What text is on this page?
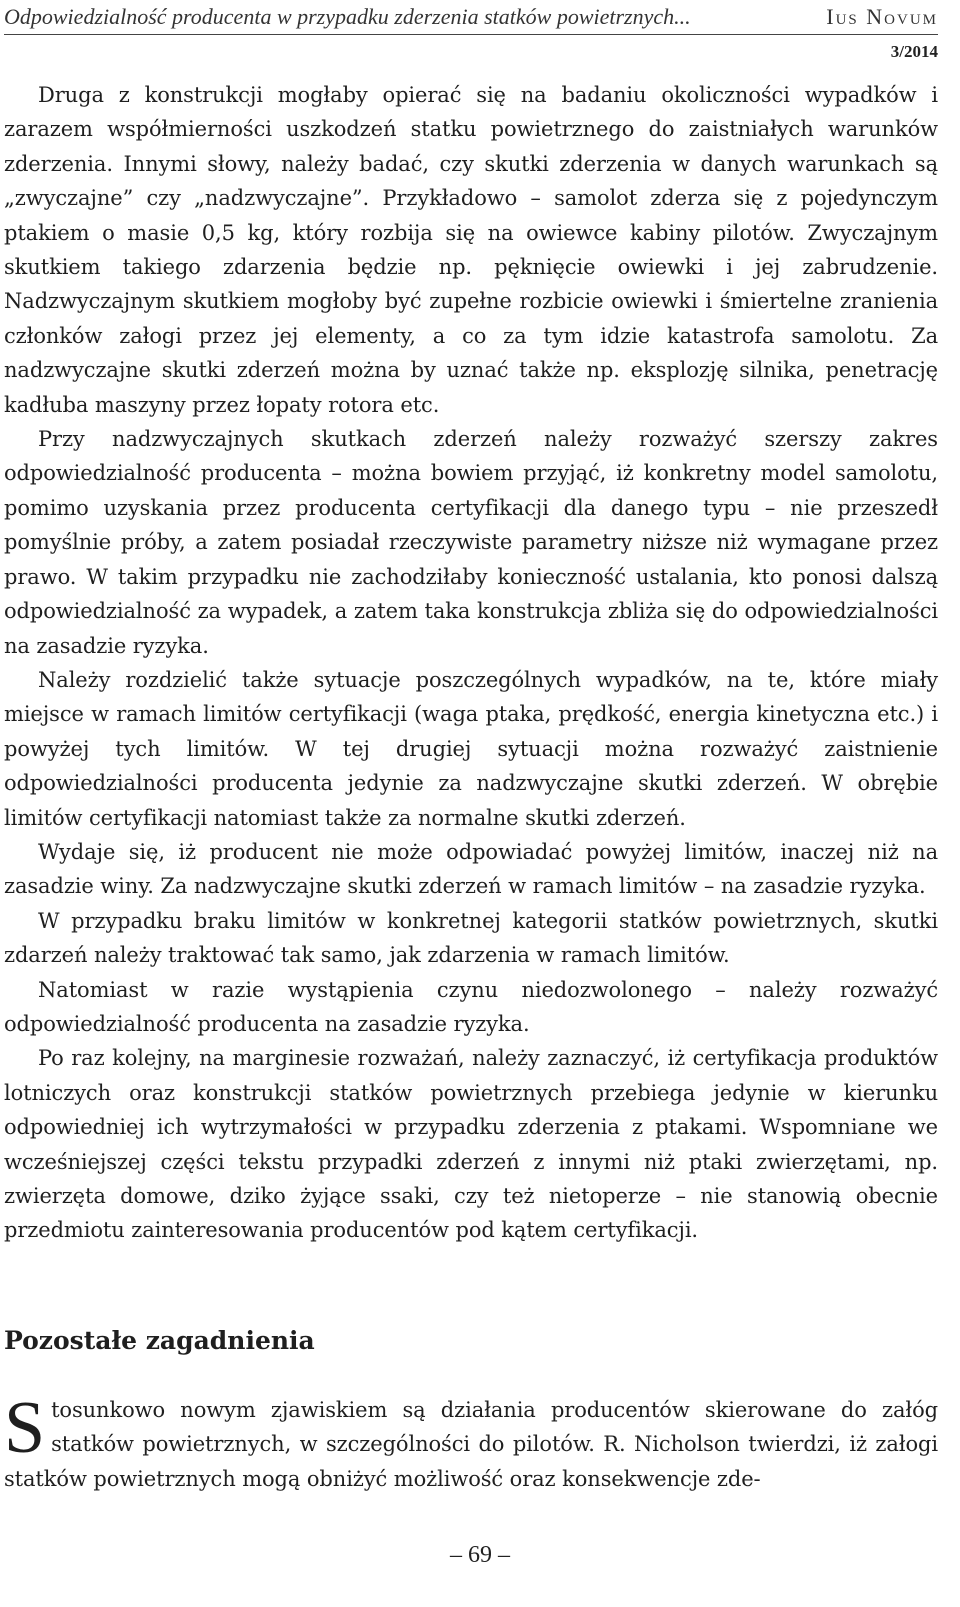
Odpowiedzialność producenta w przypadku zderzenia statków powietrznych...	Ius Novum
3/2014

Druga z konstrukcji mogłaby opierać się na badaniu okoliczności wypadków i zarazem współmierności uszkodzeń statku powietrznego do zaistniałych warunków zderzenia. Innymi słowy, należy badać, czy skutki zderzenia w danych warunkach są „zwyczajne” czy „nadzwyczajne”. Przykładowo – samolot zderza się z pojedynczym ptakiem o masie 0,5 kg, który rozbija się na owiewce kabiny pilotów. Zwyczajnym skutkiem takiego zdarzenia będzie np. pęknięcie owiewki i jej zabrudzenie. Nadzwyczajnym skutkiem mogłoby być zupełne rozbicie owiewki i śmiertelne zranienia członków załogi przez jej elementy, a co za tym idzie katastrofa samolotu. Za nadzwyczajne skutki zderzeń można by uznać także np. eksplozję silnika, penetrację kadłuba maszyny przez łopaty rotora etc.

Przy nadzwyczajnych skutkach zderzeń należy rozważyć szerszy zakres odpowiedzialność producenta – można bowiem przyjąć, iż konkretny model samolotu, pomimo uzyskania przez producenta certyfikacji dla danego typu – nie przeszedł pomyślnie próby, a zatem posiadał rzeczywiste parametry niższe niż wymagane przez prawo. W takim przypadku nie zachodziłaby konieczność ustalania, kto ponosi dalszą odpowiedzialność za wypadek, a zatem taka konstrukcja zbliża się do odpowiedzialności na zasadzie ryzyka.

Należy rozdzielić także sytuacje poszczególnych wypadków, na te, które miały miejsce w ramach limitów certyfikacji (waga ptaka, prędkość, energia kinetyczna etc.) i powyżej tych limitów. W tej drugiej sytuacji można rozważyć zaistnienie odpowiedzialności producenta jedynie za nadzwyczajne skutki zderzeń. W obrębie limitów certyfikacji natomiast także za normalne skutki zderzeń.

Wydaje się, iż producent nie może odpowiadać powyżej limitów, inaczej niż na zasadzie winy. Za nadzwyczajne skutki zderzeń w ramach limitów – na zasadzie ryzyka.

W przypadku braku limitów w konkretnej kategorii statków powietrznych, skutki zdarzeń należy traktować tak samo, jak zdarzenia w ramach limitów.

Natomiast w razie wystąpienia czynu niedozwolonego – należy rozważyć odpowiedzialność producenta na zasadzie ryzyka.

Po raz kolejny, na marginesie rozważań, należy zaznaczyć, iż certyfikacja produktów lotniczych oraz konstrukcji statków powietrznych przebiega jedynie w kierunku odpowiedniej ich wytrzymałości w przypadku zderzenia z ptakami. Wspomniane we wcześniejszej części tekstu przypadki zderzeń z innymi niż ptaki zwierzętami, np. zwierzęta domowe, dziko żyjące ssaki, czy też nietoperze – nie stanowią obecnie przedmiotu zainteresowania producentów pod kątem certyfikacji.

Pozostałe zagadnienia

Stosunkowo nowym zjawiskiem są działania producentów skierowane do załóg statków powietrznych, w szczególności do pilotów. R. Nicholson twierdzi, iż załogi statków powietrznych mogą obniżyć możliwość oraz konsekwencje zde-

– 69 –
